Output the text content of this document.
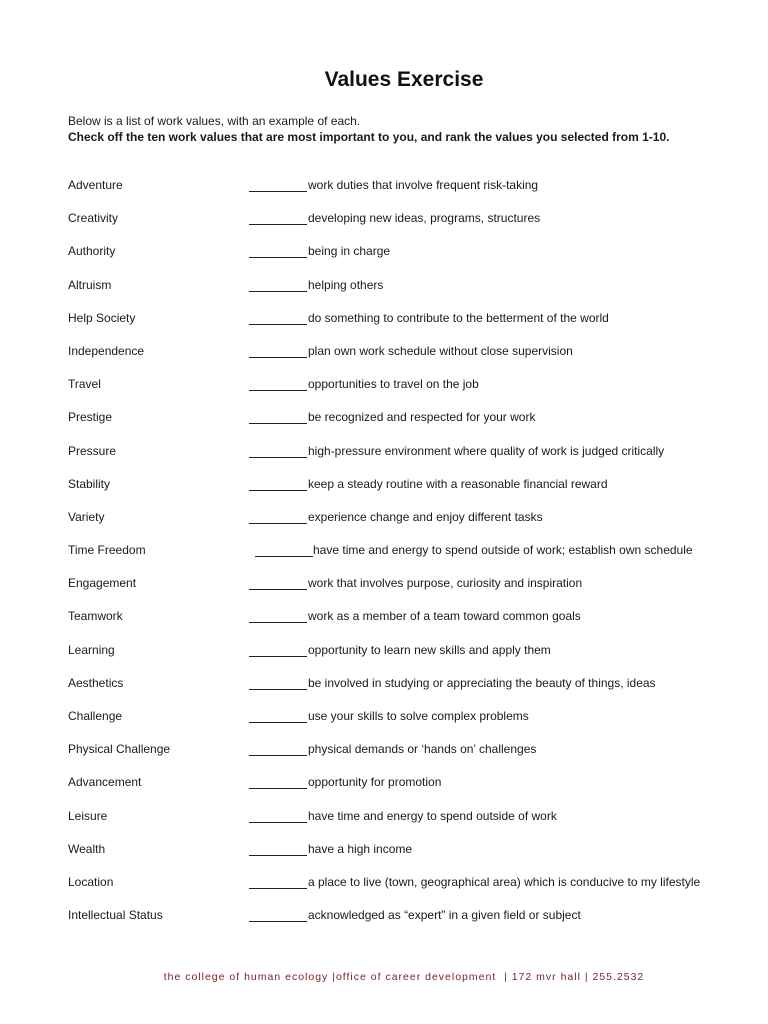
Values Exercise
Below is a list of work values, with an example of each.
Check off the ten work values that are most important to you, and rank the values you selected from 1-10.
Adventure	work duties that involve frequent risk-taking
Creativity	developing new ideas, programs, structures
Authority	being in charge
Altruism	helping others
Help Society	do something to contribute to the betterment of the world
Independence	plan own work schedule without close supervision
Travel	opportunities to travel on the job
Prestige	be recognized and respected for your work
Pressure	high-pressure environment where quality of work is judged critically
Stability	keep a steady routine with a reasonable financial reward
Variety	experience change and enjoy different tasks
Time Freedom	have time and energy to spend outside of work; establish own schedule
Engagement	work that involves purpose, curiosity and inspiration
Teamwork	work as a member of a team toward common goals
Learning	opportunity to learn new skills and apply them
Aesthetics	be involved in studying or appreciating the beauty of things, ideas
Challenge	use your skills to solve complex problems
Physical Challenge	physical demands or ‘hands on’ challenges
Advancement	opportunity for promotion
Leisure	have time and energy to spend outside of work
Wealth	have a high income
Location	a place to live (town, geographical area) which is conducive to my lifestyle
Intellectual Status	acknowledged as “expert” in a given field or subject
the college of human ecology |office of career development  | 172 mvr hall | 255.2532
